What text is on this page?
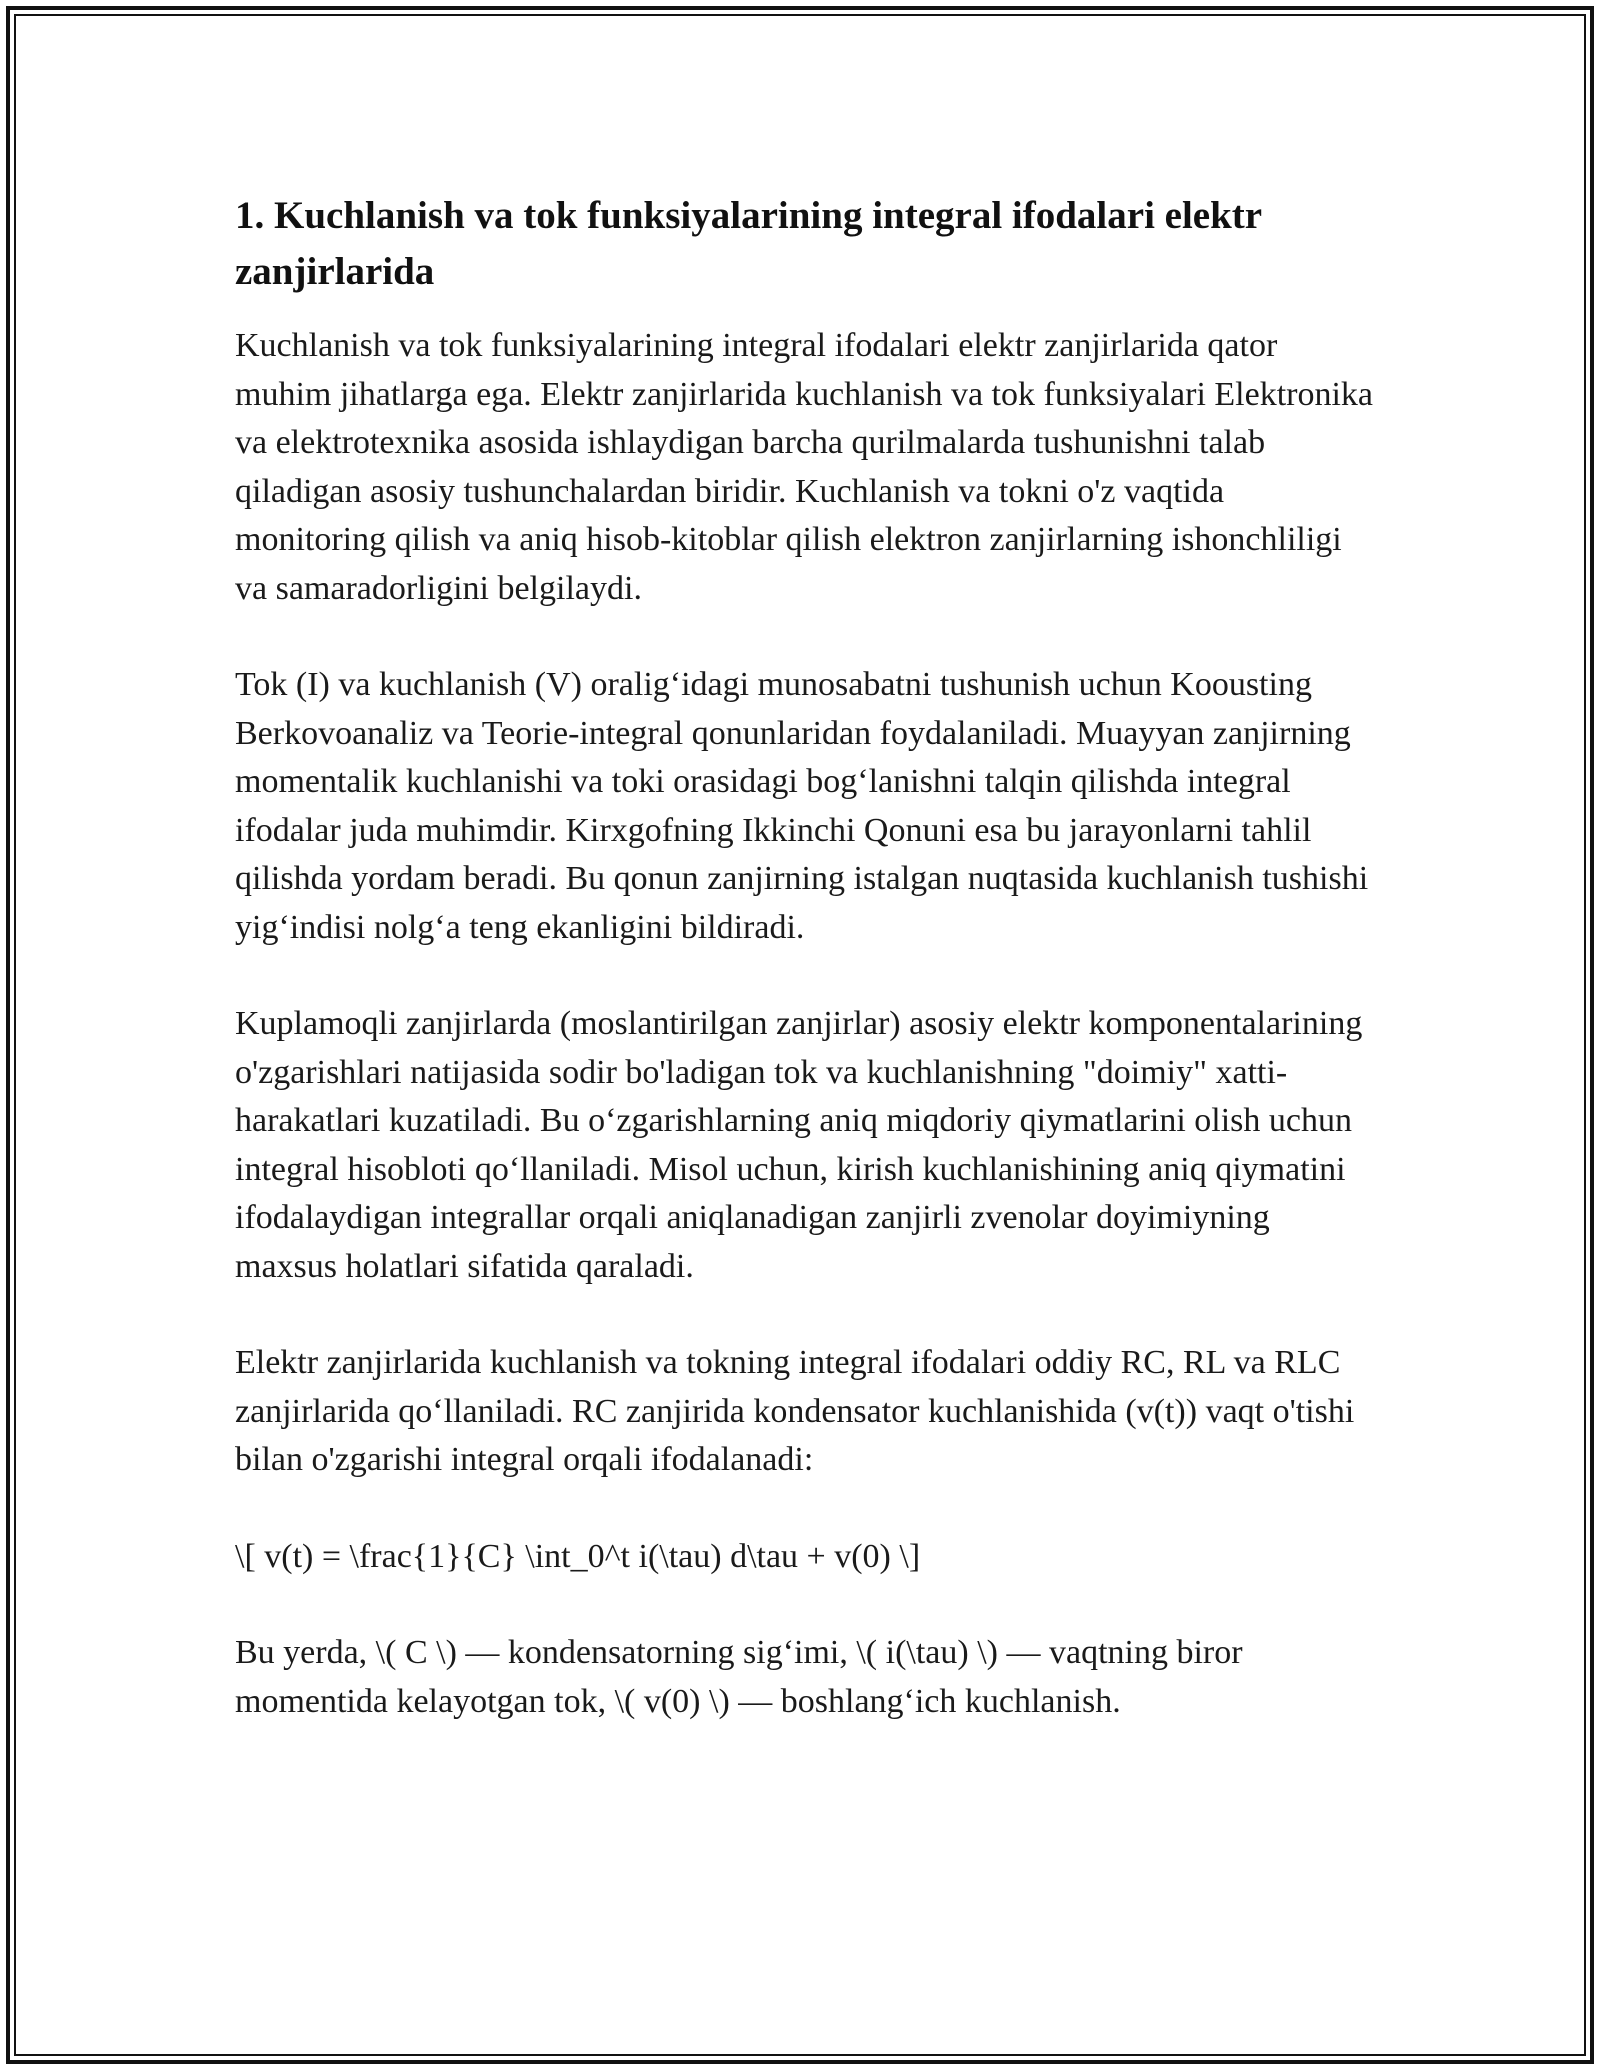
1. Kuchlanish va tok funksiyalarining integral ifodalari elektr zanjirlarida

Kuchlanish va tok funksiyalarining integral ifodalari elektr zanjirlarida qator muhim jihatlarga ega. Elektr zanjirlarida kuchlanish va tok funksiyalari Elektronika va elektrotexnika asosida ishlaydigan barcha qurilmalarda tushunishni talab qiladigan asosiy tushunchalardan biridir. Kuchlanish va tokni o'z vaqtida monitoring qilish va aniq hisob-kitoblar qilish elektron zanjirlarning ishonchliligi va samaradorligini belgilaydi.

Tok (I) va kuchlanish (V) oralig‘idagi munosabatni tushunish uchun Koousting Berkovoanaliz va Teorie-integral qonunlaridan foydalaniladi. Muayyan zanjirning momentalik kuchlanishi va toki orasidagi bog‘lanishni talqin qilishda integral ifodalar juda muhimdir. Kirxgofning Ikkinchi Qonuni esa bu jarayonlarni tahlil qilishda yordam beradi. Bu qonun zanjirning istalgan nuqtasida kuchlanish tushishi yig‘indisi nolg‘a teng ekanligini bildiradi.

Kuplamoqli zanjirlarda (moslantirilgan zanjirlar) asosiy elektr komponentalarining o'zgarishlari natijasida sodir bo'ladigan tok va kuchlanishning "doimiy" xatti-harakatlari kuzatiladi. Bu o‘zgarishlarning aniq miqdoriy qiymatlarini olish uchun integral hisobloti qo‘llaniladi. Misol uchun, kirish kuchlanishining aniq qiymatini ifodalaydigan integrallar orqali aniqlanadigan zanjirli zvenolar doyimiyning maxsus holatlari sifatida qaraladi.

Elektr zanjirlarida kuchlanish va tokning integral ifodalari oddiy RC, RL va RLC zanjirlarida qo‘llaniladi. RC zanjirida kondensator kuchlanishida (v(t)) vaqt o'tishi bilan o'zgarishi integral orqali ifodalanadi:

\[ v(t) = \frac{1}{C} \int_0^t i(\tau) d\tau + v(0) \]

Bu yerda, \( C \) — kondensatorning sig‘imi, \( i(\tau) \) — vaqtning biror momentida kelayotgan tok, \( v(0) \) — boshlang‘ich kuchlanish.
